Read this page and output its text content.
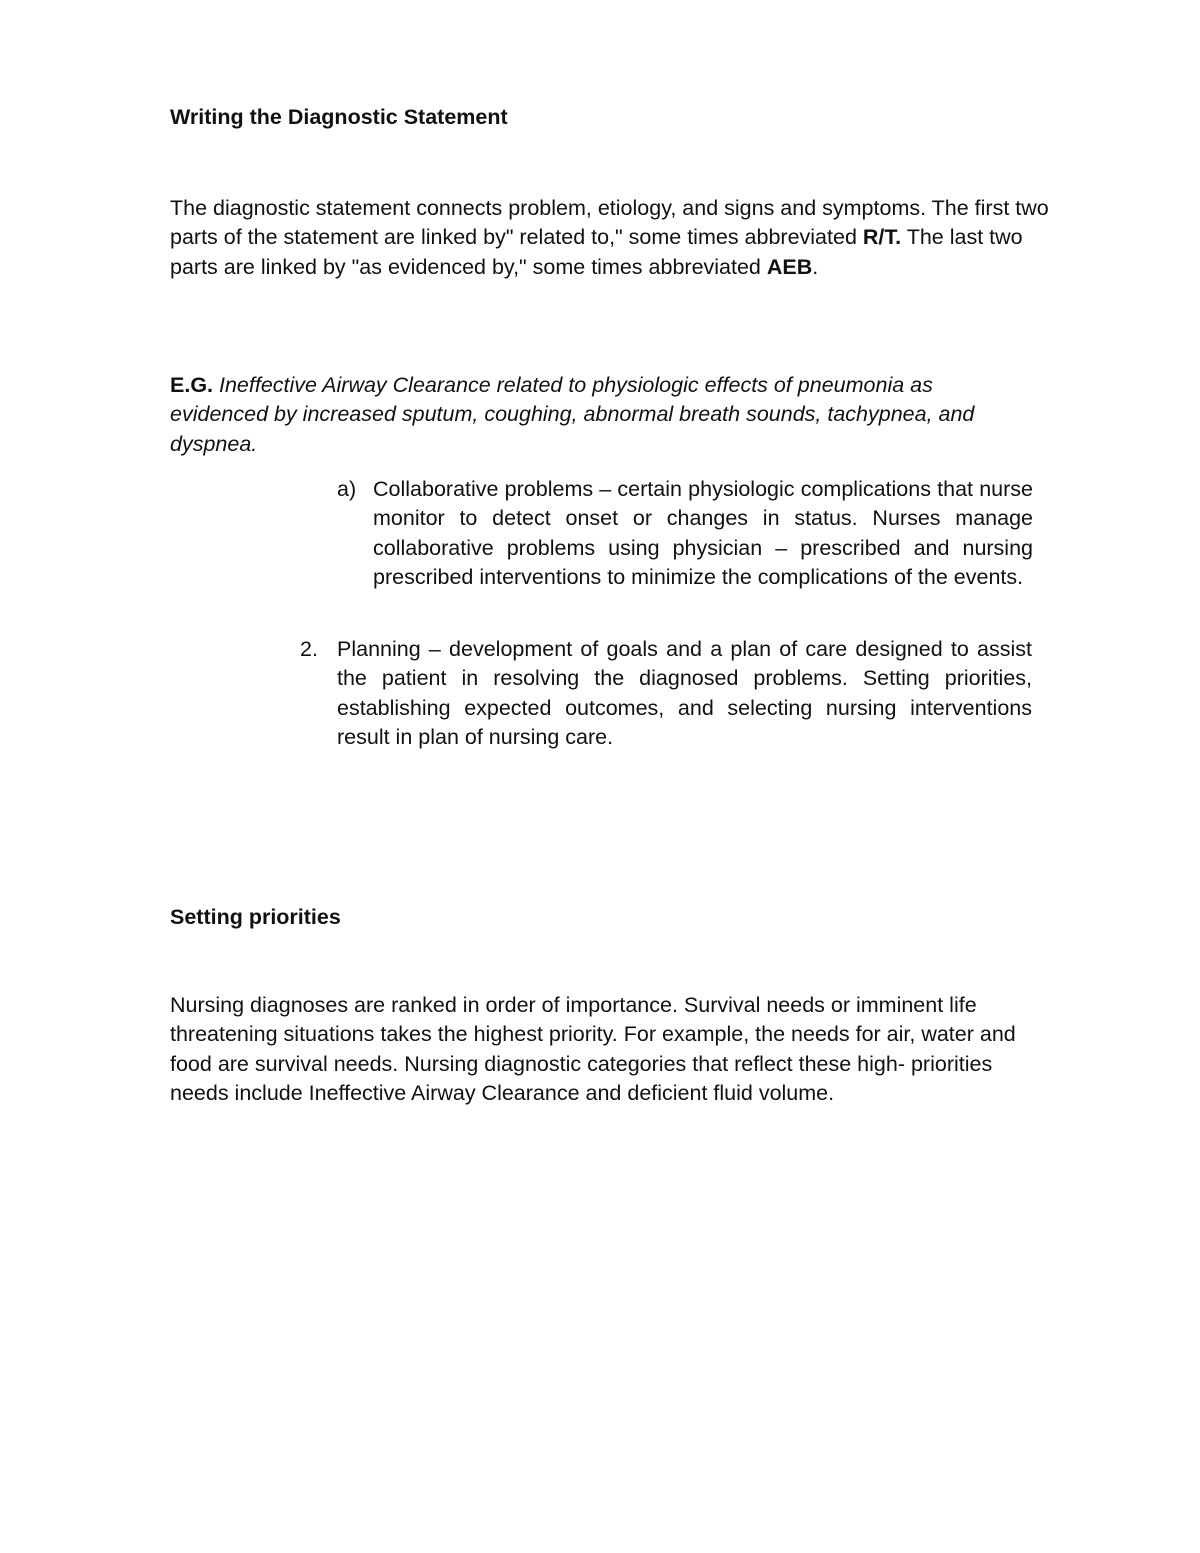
Writing the Diagnostic Statement

The diagnostic statement connects problem, etiology, and signs and symptoms. The first two parts of the statement are linked by" related to," some times abbreviated R/T. The last two parts are linked by "as evidenced by," some times abbreviated AEB.

E.G. Ineffective Airway Clearance related to physiologic effects of pneumonia as evidenced by increased sputum, coughing, abnormal breath sounds, tachypnea, and dyspnea.

a) Collaborative problems – certain physiologic complications that nurse monitor to detect onset or changes in status. Nurses manage collaborative problems using physician – prescribed and nursing prescribed interventions to minimize the complications of the events.
2. Planning – development of goals and a plan of care designed to assist the patient in resolving the diagnosed problems. Setting priorities, establishing expected outcomes, and selecting nursing interventions result in plan of nursing care.
Setting priorities

Nursing diagnoses are ranked in order of importance. Survival needs or imminent life threatening situations takes the highest priority. For example, the needs for air, water and food are survival needs. Nursing diagnostic categories that reflect these high- priorities needs include Ineffective Airway Clearance and deficient fluid volume.
